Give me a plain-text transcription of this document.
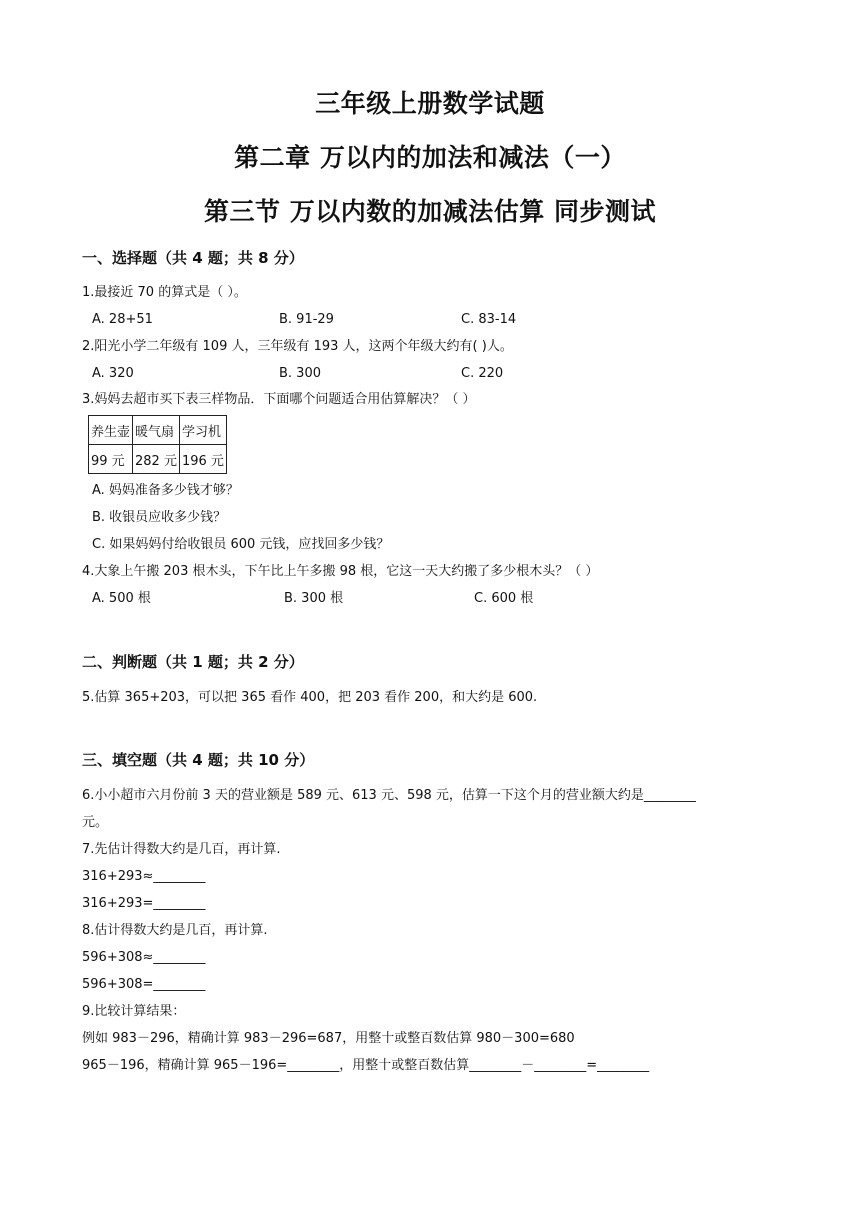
三年级上册数学试题
第二章 万以内的加法和减法（一）
第三节 万以内数的加减法估算 同步测试
一、选择题（共 4 题；共 8 分）
1.最接近 70 的算式是（ ）。
A. 28+51	B. 91-29	C. 83-14
2.阳光小学二年级有 109 人，三年级有 193 人，这两个年级大约有( )人。
A. 320	B. 300	C. 220
3.妈妈去超市买下表三样物品．下面哪个问题适合用估算解决？（ ）
养生壶	暖气扇	学习机
99 元	282 元	196 元
A. 妈妈准备多少钱才够？
B. 收银员应收多少钱？
C. 如果妈妈付给收银员 600 元钱，应找回多少钱？
4.大象上午搬 203 根木头，下午比上午多搬 98 根，它这一天大约搬了多少根木头？（ ）
A. 500 根	B. 300 根	C. 600 根
二、判断题（共 1 题；共 2 分）
5.估算 365+203，可以把 365 看作 400，把 203 看作 200，和大约是 600.
三、填空题（共 4 题；共 10 分）
6.小小超市六月份前 3 天的营业额是 589 元、613 元、598 元，估算一下这个月的营业额大约是________
元。
7.先估计得数大约是几百，再计算.
316+293≈________
316+293=________
8.估计得数大约是几百，再计算.
596+308≈________
596+308=________
9.比较计算结果：
例如 983－296，精确计算 983－296=687，用整十或整百数估算 980－300=680
965－196，精确计算 965－196=________，用整十或整百数估算________－________=________
